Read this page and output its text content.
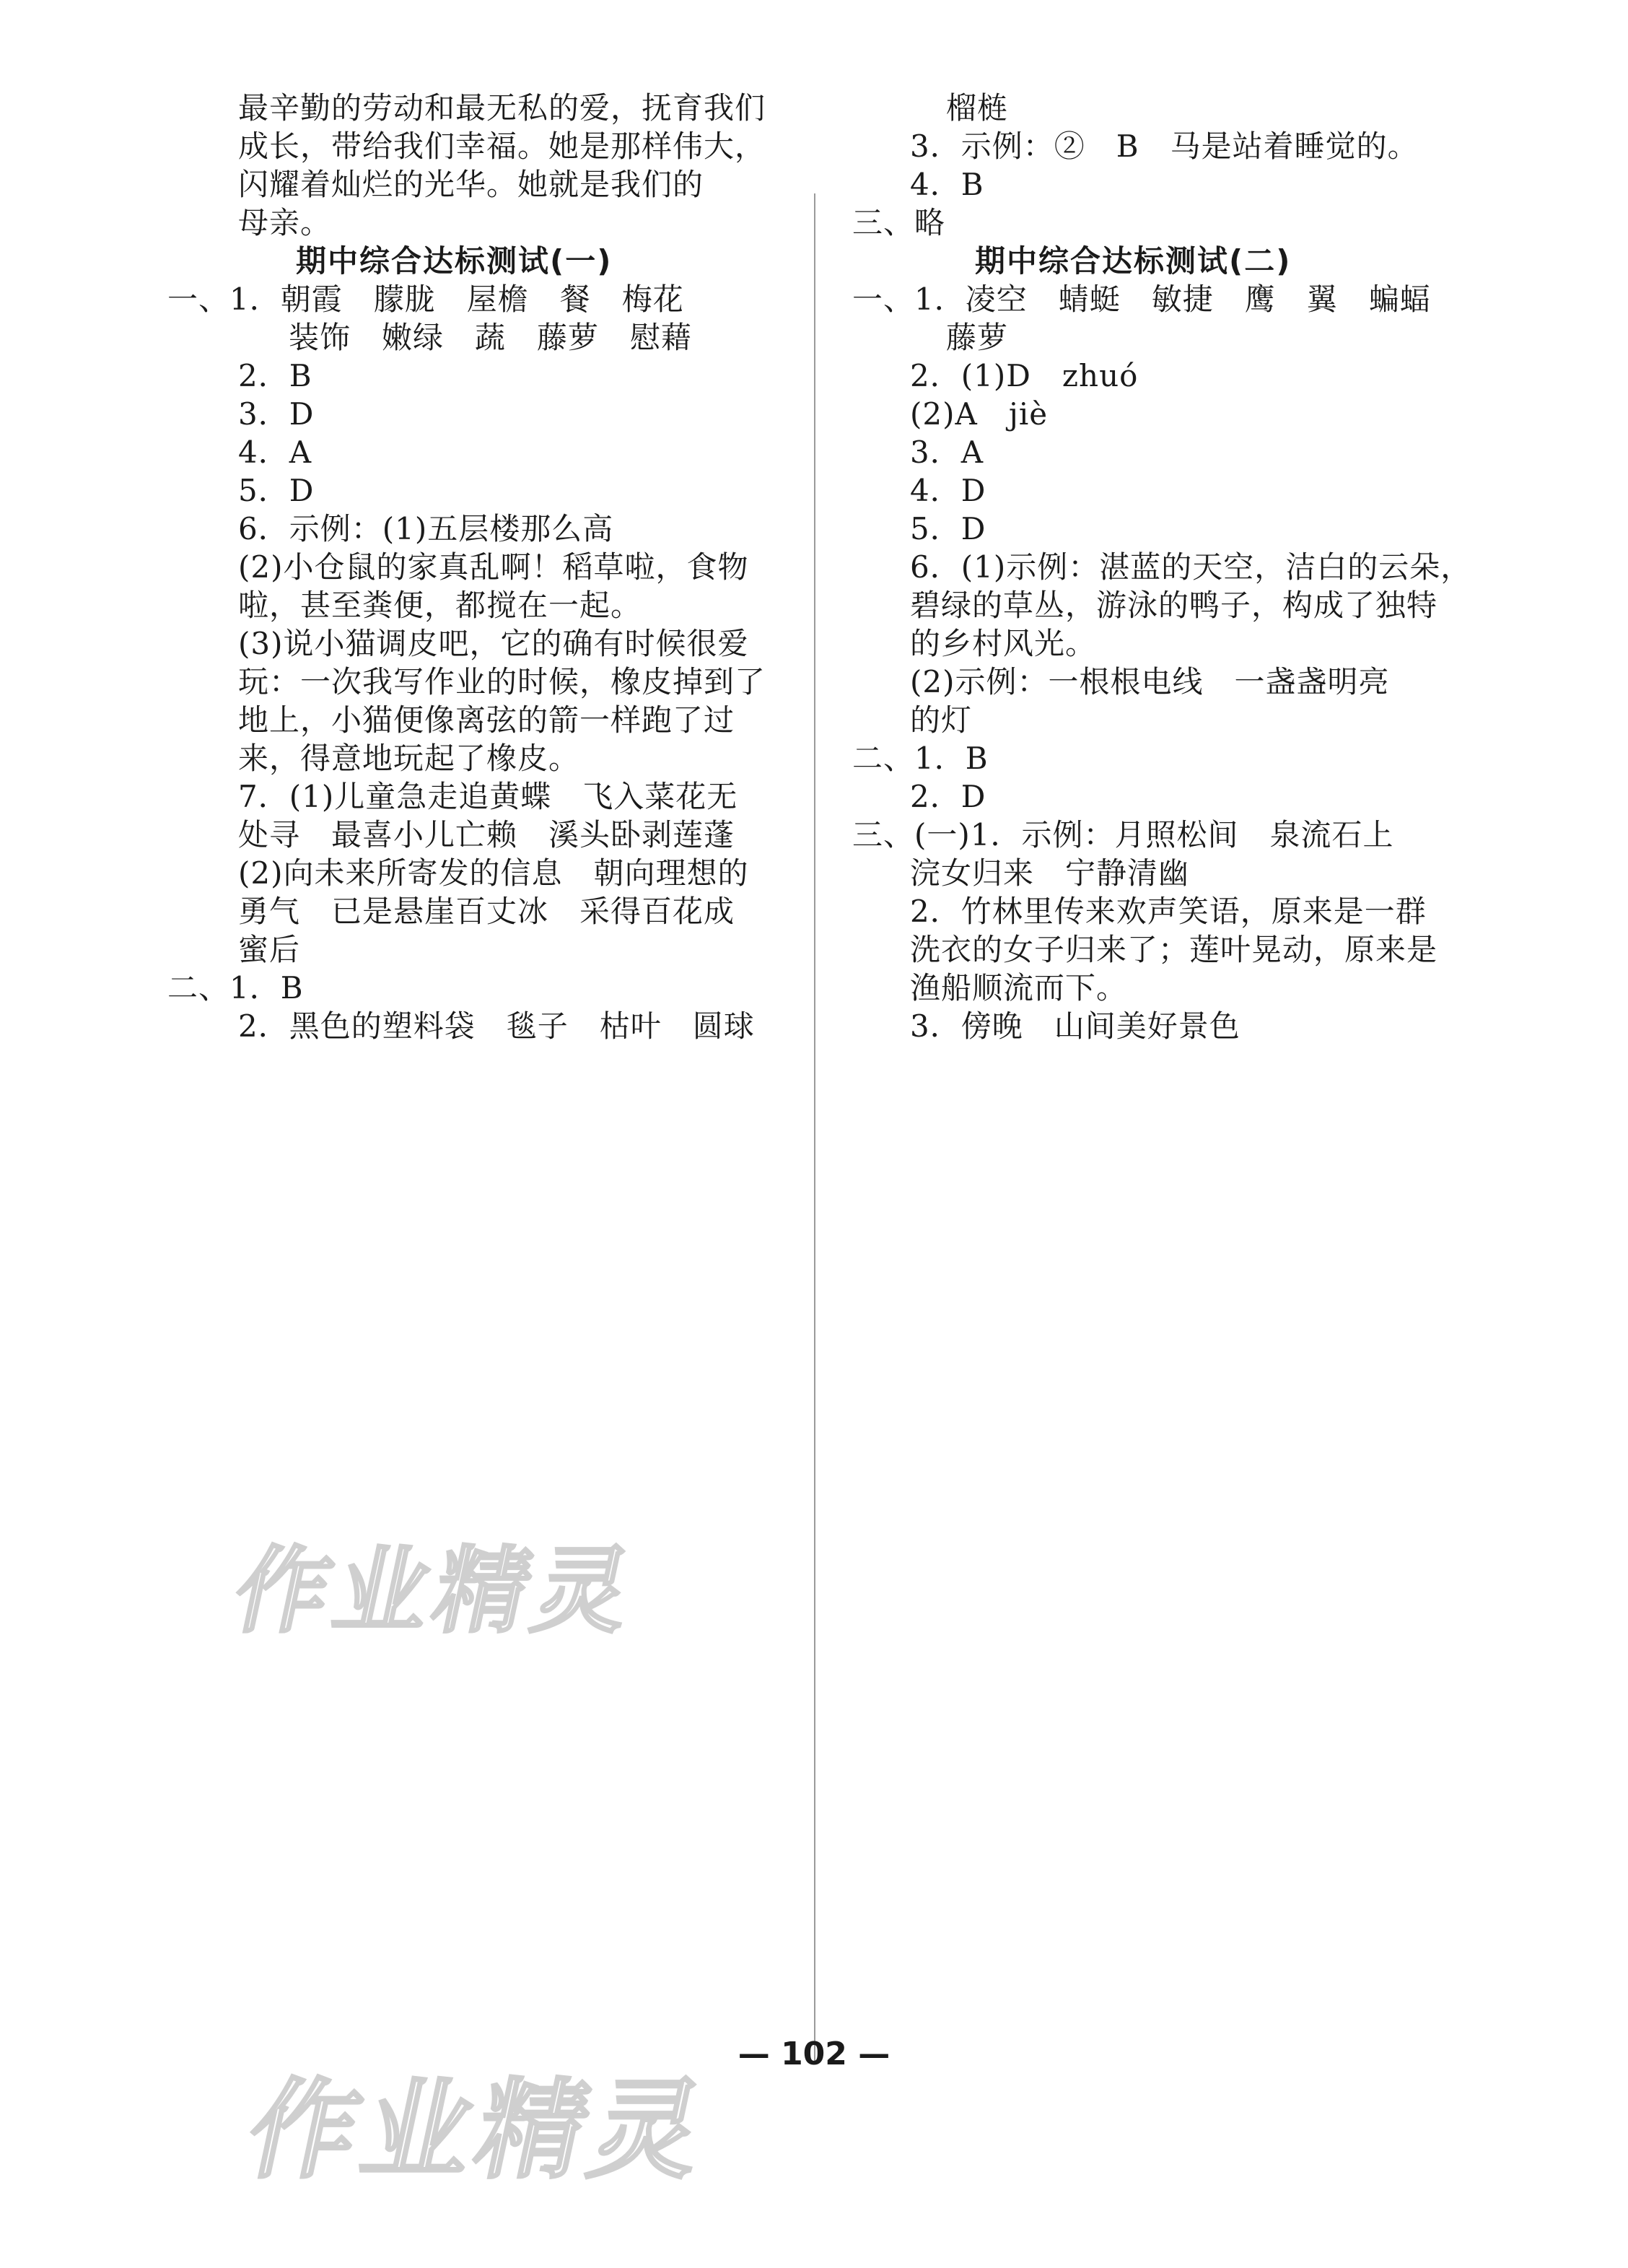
最辛勤的劳动和最无私的爱，抚育我们
成长，带给我们幸福。她是那样伟大，
闪耀着灿烂的光华。她就是我们的
母亲。
期中综合达标测试(一)
一、1．朝霞　朦胧　屋檐　餐　梅花
装饰　嫩绿　蔬　藤萝　慰藉
2．B
3．D
4．A
5．D
6．示例：(1)五层楼那么高
(2)小仓鼠的家真乱啊！稻草啦，食物
啦，甚至粪便，都搅在一起。
(3)说小猫调皮吧，它的确有时候很爱
玩：一次我写作业的时候，橡皮掉到了
地上，小猫便像离弦的箭一样跑了过
来，得意地玩起了橡皮。
7．(1)儿童急走追黄蝶　飞入菜花无
处寻　最喜小儿亡赖　溪头卧剥莲蓬
(2)向未来所寄发的信息　朝向理想的
勇气　已是悬崖百丈冰　采得百花成
蜜后
二、1．B
2．黑色的塑料袋　毯子　枯叶　圆球
榴梿
3．示例：②　B　马是站着睡觉的。
4．B
三、略
期中综合达标测试(二)
一、1．凌空　蜻蜓　敏捷　鹰　翼　蝙蝠
藤萝
2．(1)D　zhuó
(2)A　jiè
3．A
4．D
5．D
6．(1)示例：湛蓝的天空，洁白的云朵，
碧绿的草丛，游泳的鸭子，构成了独特
的乡村风光。
(2)示例：一根根电线　一盏盏明亮
的灯
二、1．B
2．D
三、(一)1．示例：月照松间　泉流石上
浣女归来　宁静清幽
2．竹林里传来欢声笑语，原来是一群
洗衣的女子归来了；莲叶晃动，原来是
渔船顺流而下。
3．傍晚　山间美好景色
作业精灵
作业精灵
— 102 —
